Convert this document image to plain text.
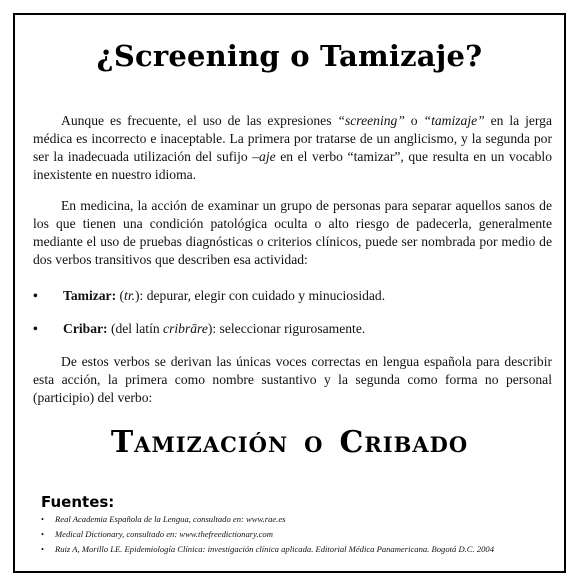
¿Screening o Tamizaje?

Aunque es frecuente, el uso de las expresiones “screening” o “tamizaje” en la jerga médica es incorrecto e inaceptable. La primera por tratarse de un anglicismo, y la segunda por ser la inadecuada utilización del sufijo –aje en el verbo “tamizar”, que resulta en un vocablo inexistente en nuestro idioma.

En medicina, la acción de examinar un grupo de personas para separar aquellos sanos de los que tienen una condición patológica oculta o alto riesgo de padecerla, generalmente mediante el uso de pruebas diagnósticas o criterios clínicos, puede ser nombrada por medio de dos verbos transitivos que describen esa actividad:

• Tamizar: (tr.): depurar, elegir con cuidado y minuciosidad.
• Cribar: (del latín cribrāre): seleccionar rigurosamente.

De estos verbos se derivan las únicas voces correctas en lengua española para describir esta acción, la primera como nombre sustantivo y la segunda como forma no personal (participio) del verbo:

Tamización o Cribado
Fuentes:
• Real Academia Española de la Lengua, consultado en: www.rae.es
• Medical Dictionary, consultado en: www.thefreedictionary.com
• Ruiz A, Morillo LE. Epidemiología Clínica: investigación clínica aplicada. Editorial Médica Panamericana. Bogotá D.C. 2004
